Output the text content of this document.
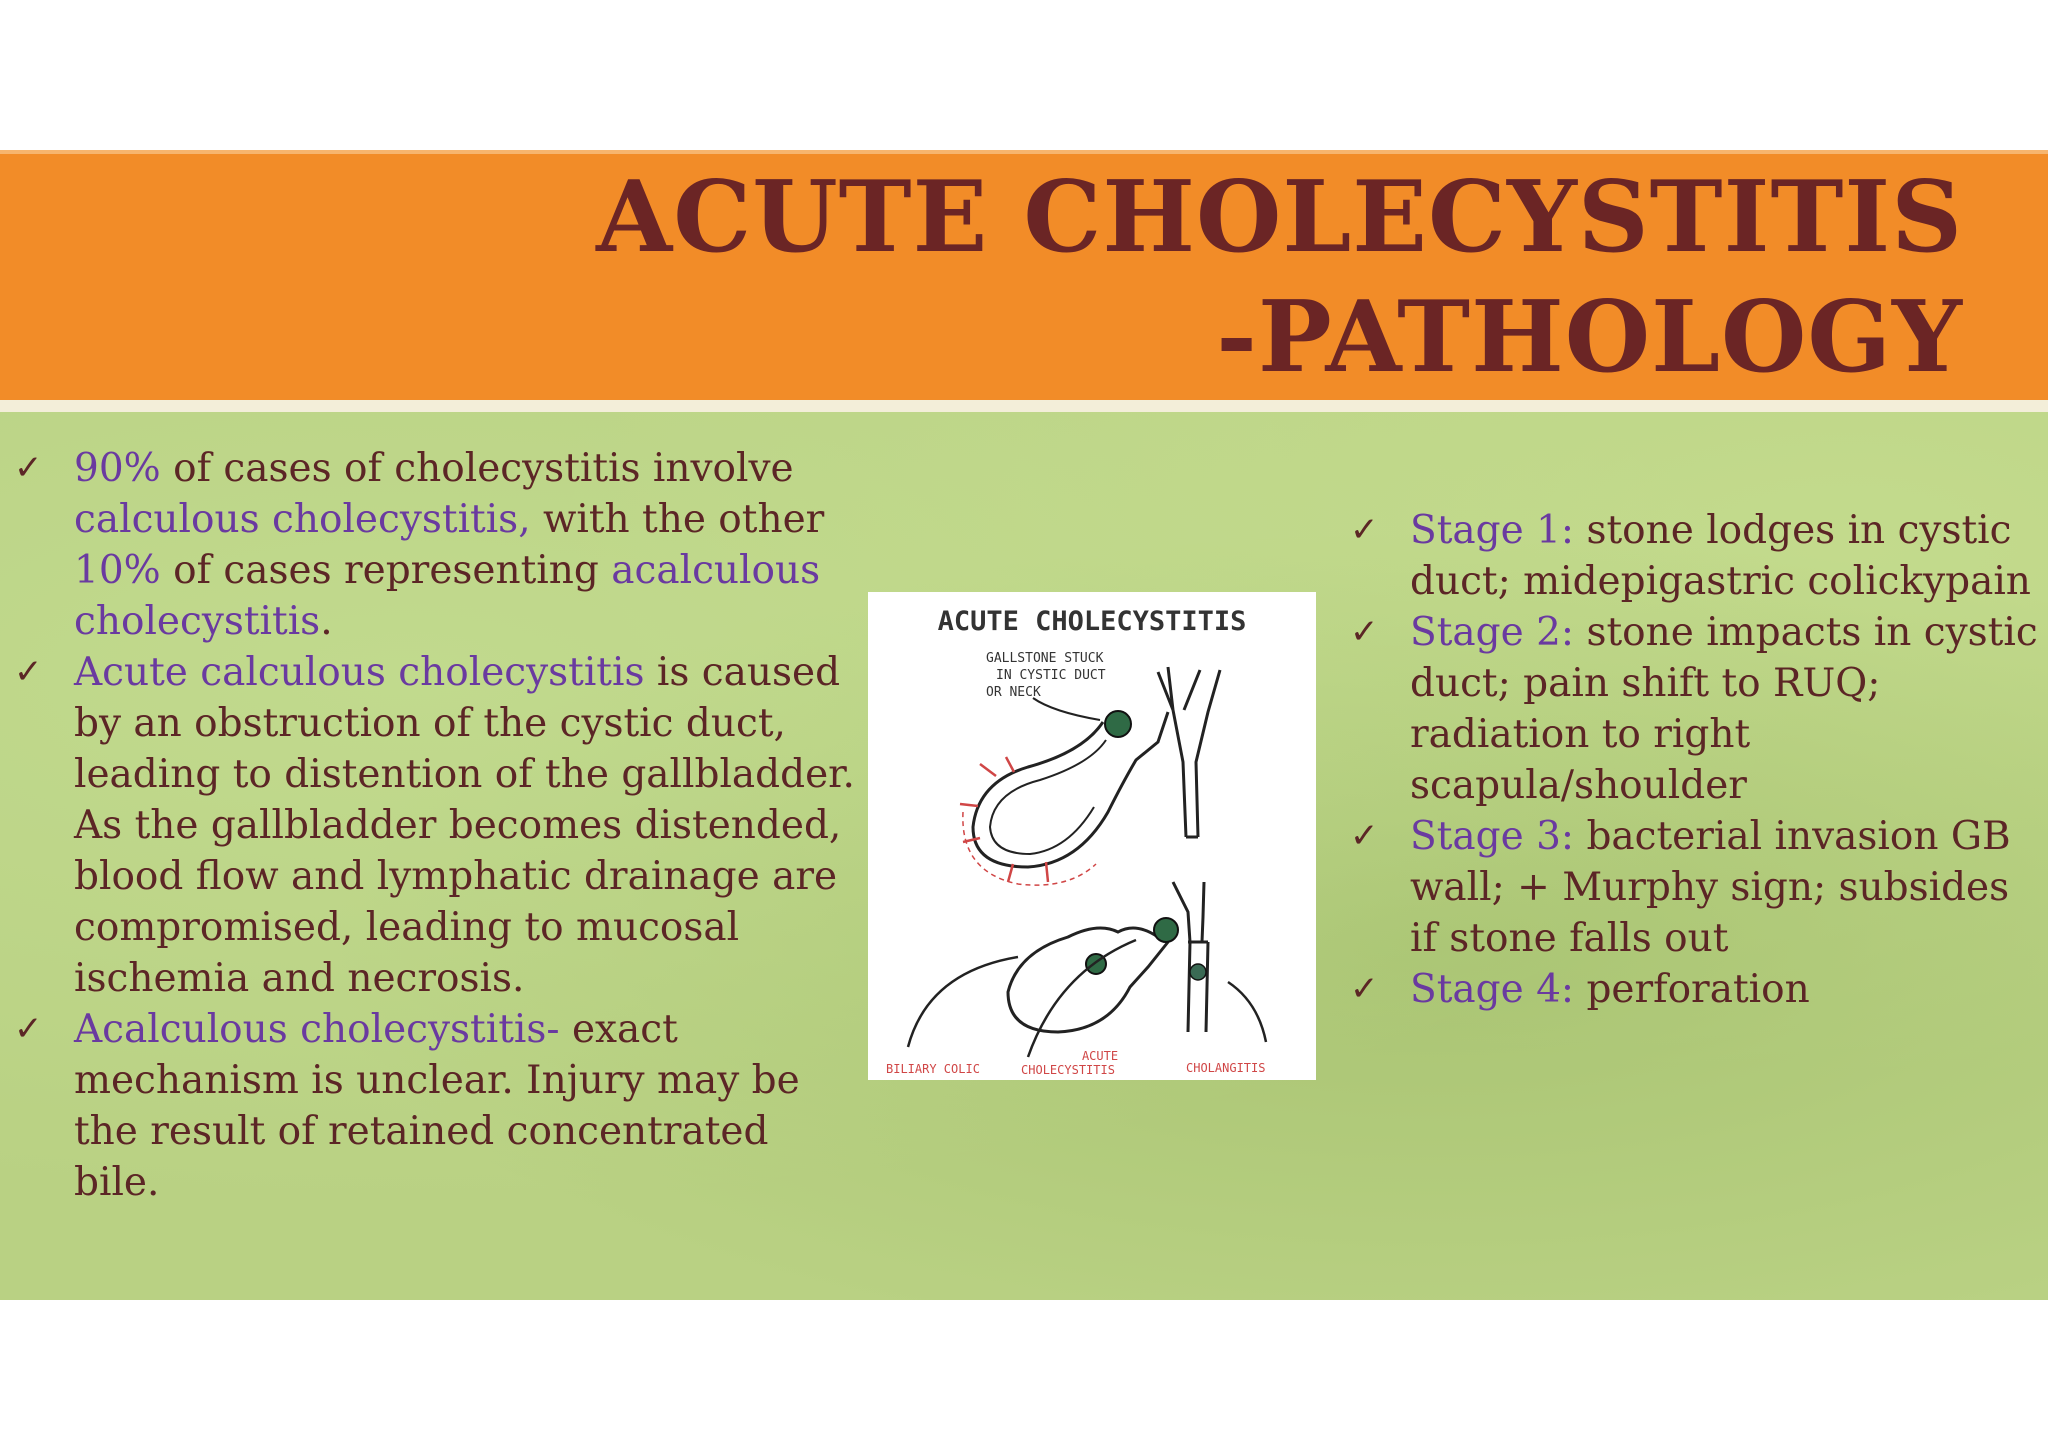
ACUTE CHOLECYSTITIS
-PATHOLOGY
✓ 90% of cases of cholecystitis involve calculous cholecystitis, with the other 10% of cases representing acalculous cholecystitis.
✓ Acute calculous cholecystitis is caused by an obstruction of the cystic duct, leading to distention of the gallbladder. As the gallbladder becomes distended, blood flow and lymphatic drainage are compromised, leading to mucosal ischemia and necrosis.
✓ Acalculous cholecystitis- exact mechanism is unclear. Injury may be the result of retained concentrated bile.
ACUTE CHOLECYSTITIS
GALLSTONE STUCK
IN CYSTIC DUCT
OR NECK
BILIARY COLIC
ACUTE
CHOLECYSTITIS	CHOLANGITIS
✓ Stage 1: stone lodges in cystic duct; midepigastric colickypain
✓ Stage 2: stone impacts in cystic duct; pain shift to RUQ; radiation to right scapula/shoulder
✓ Stage 3: bacterial invasion GB wall; + Murphy sign; subsides if stone falls out
✓ Stage 4: perforation
